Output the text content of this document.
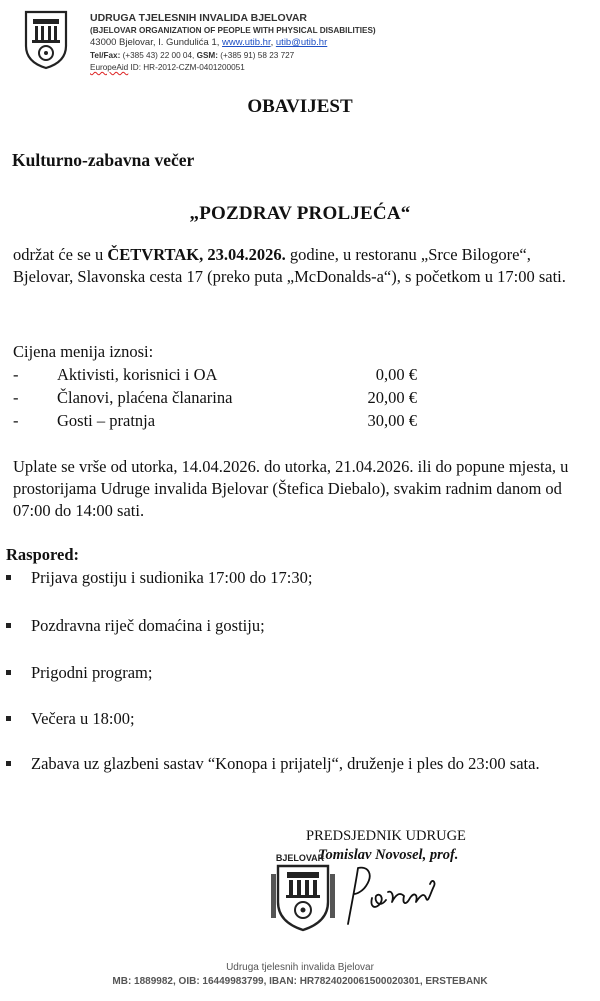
UDRUGA TJELESNIH INVALIDA BJELOVAR
(BJELOVAR ORGANIZATION OF PEOPLE WITH PHYSICAL DISABILITIES)
43000 Bjelovar, I. Gundulića 1, www.utib.hr, utib@utib.hr
Tel/Fax: (+385 43) 22 00 04, GSM: (+385 91) 58 23 727
EuropeAid ID: HR-2012-CZM-0401200051
OBAVIJEST
Kulturno-zabavna večer
„POZDRAV PROLJEĆA“
održat će se u ČETVRTAK, 23.04.2026. godine, u restoranu „Srce Bilogore“, Bjelovar, Slavonska cesta 17 (preko puta „McDonalds-a“), s početkom u 17:00 sati.
Cijena menija iznosi:
- Aktivisti, korisnici i OA	0,00 €
- Članovi, plaćena članarina	20,00 €
- Gosti – pratnja	30,00 €
Uplate se vrše od utorka, 14.04.2026. do utorka, 21.04.2026. ili do popune mjesta, u prostorijama Udruge invalida Bjelovar (Štefica Diebalo), svakim radnim danom od 07:00 do 14:00 sati.
Raspored:
Prijava gostiju i sudionika 17:00 do 17:30;
Pozdravna riječ domaćina i gostiju;
Prigodni program;
Večera u 18:00;
Zabava uz glazbeni sastav “Konopa i prijatelj“, druženje i ples do 23:00 sata.
PREDSJEDNIK UDRUGE
Tomislav Novosel, prof.
BJELOVAR
Udruga tjelesnih invalida Bjelovar
MB: 1889982, OIB: 16449983799, IBAN: HR7824020061500020301, ERSTEBANK
